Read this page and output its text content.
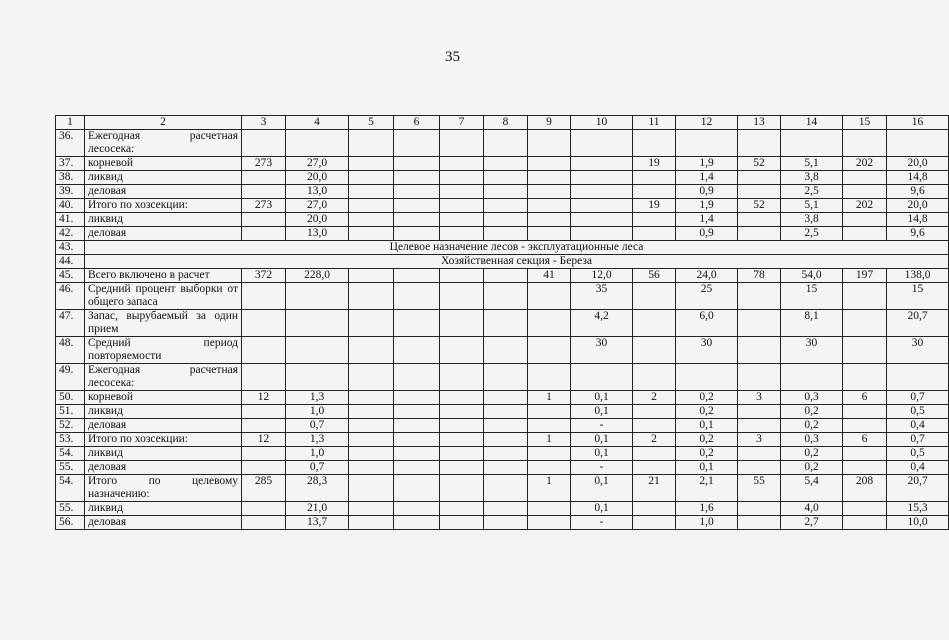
35
1	2	3	4	5	6	7	8	9	10	11	12	13	14	15	16
36.	Ежегодная расчетная лесосека:														
37.	корневой	273	27,0							19	1,9	52	5,1	202	20,0
38.	ликвид		20,0								1,4		3,8		14,8
39.	деловая		13,0								0,9		2,5		9,6
40.	Итого по хозсекции:	273	27,0							19	1,9	52	5,1	202	20,0
41.	ликвид		20,0								1,4		3,8		14,8
42.	деловая		13,0								0,9		2,5		9,6
43.	Целевое назначение лесов - эксплуатационные леса														
44.	Хозяйственная секция - Береза														
45.	Всего включено в расчет	372	228,0					41	12,0	56	24,0	78	54,0	197	138,0
46.	Средний процент выборки от общего запаса								35		25		15		15
47.	Запас, вырубаемый за один прием								4,2		6,0		8,1		20,7
48.	Средний период повторяемости								30		30		30		30
49.	Ежегодная расчетная лесосека:														
50.	корневой	12	1,3					1	0,1	2	0,2	3	0,3	6	0,7
51.	ликвид		1,0						0,1		0,2		0,2		0,5
52.	деловая		0,7						-		0,1		0,2		0,4
53.	Итого по хозсекции:	12	1,3					1	0,1	2	0,2	3	0,3	6	0,7
54.	ликвид		1,0						0,1		0,2		0,2		0,5
55.	деловая		0,7						-		0,1		0,2		0,4
54.	Итого по целевому назначению:	285	28,3					1	0,1	21	2,1	55	5,4	208	20,7
55.	ликвид		21,0						0,1		1,6		4,0		15,3
56.	деловая		13,7						-		1,0		2,7		10,0
